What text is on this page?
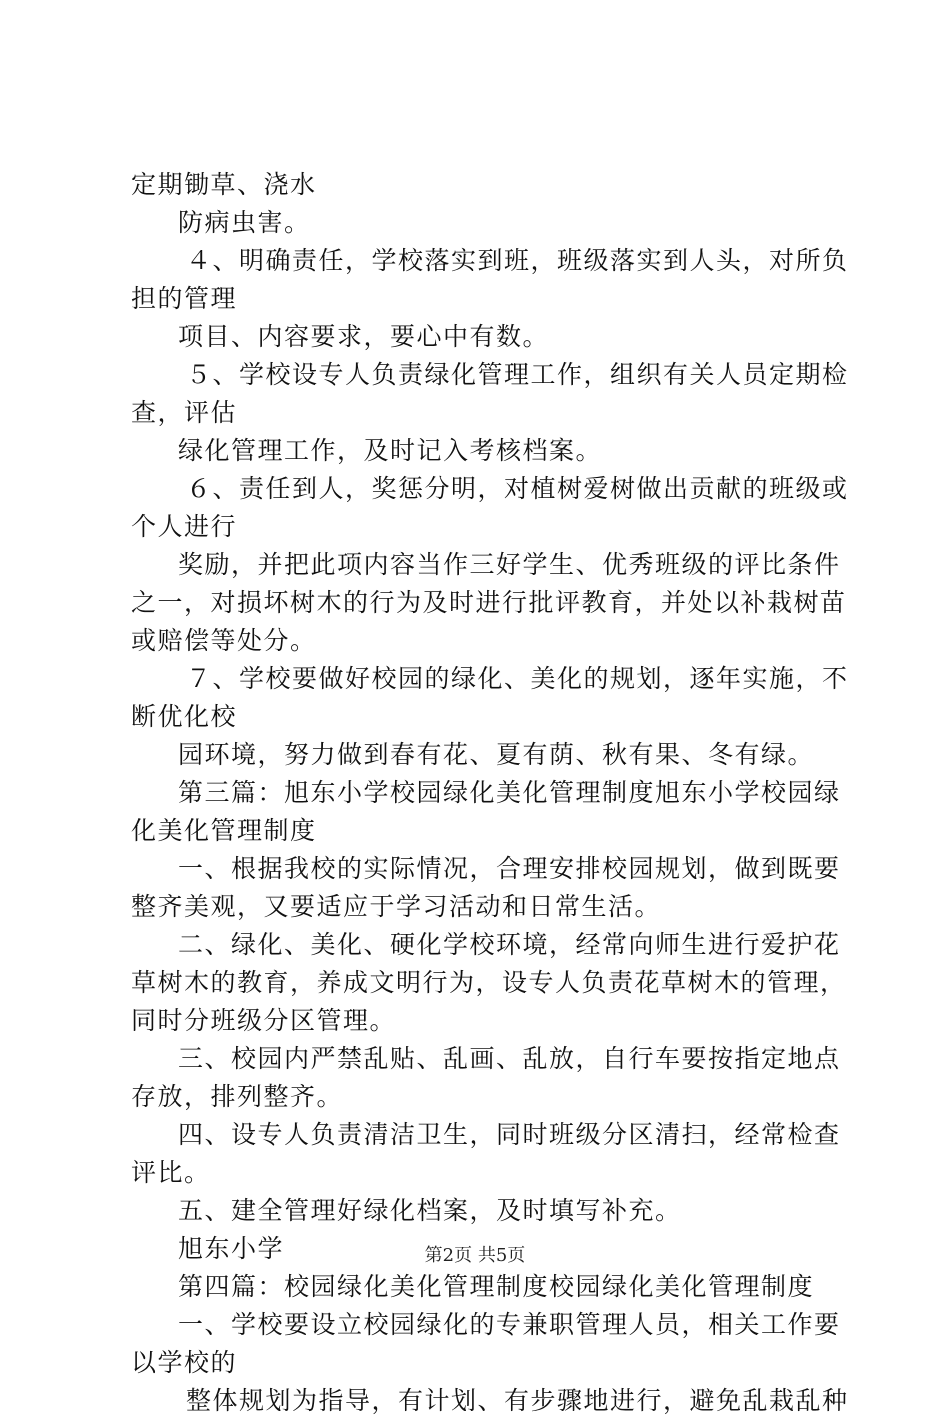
定期锄草、浇水
防病虫害。
４、明确责任，学校落实到班，班级落实到人头，对所负
担的管理
项目、内容要求，要心中有数。
５、学校设专人负责绿化管理工作，组织有关人员定期检
查，评估
绿化管理工作，及时记入考核档案。
６、责任到人，奖惩分明，对植树爱树做出贡献的班级或
个人进行
奖励，并把此项内容当作三好学生、优秀班级的评比条件
之一，对损坏树木的行为及时进行批评教育，并处以补栽树苗
或赔偿等处分。
７、学校要做好校园的绿化、美化的规划，逐年实施，不
断优化校
园环境，努力做到春有花、夏有荫、秋有果、冬有绿。
第三篇：旭东小学校园绿化美化管理制度旭东小学校园绿
化美化管理制度
一、根据我校的实际情况，合理安排校园规划，做到既要
整齐美观，又要适应于学习活动和日常生活。
二、绿化、美化、硬化学校环境，经常向师生进行爱护花
草树木的教育，养成文明行为，设专人负责花草树木的管理，
同时分班级分区管理。
三、校园内严禁乱贴、乱画、乱放，自行车要按指定地点
存放，排列整齐。
四、设专人负责清洁卫生，同时班级分区清扫，经常检查
评比。
五、建全管理好绿化档案，及时填写补充。
旭东小学
第四篇：校园绿化美化管理制度校园绿化美化管理制度
一、学校要设立校园绿化的专兼职管理人员，相关工作要
以学校的
整体规划为指导，有计划、有步骤地进行，避免乱栽乱种
第2页 共5页
